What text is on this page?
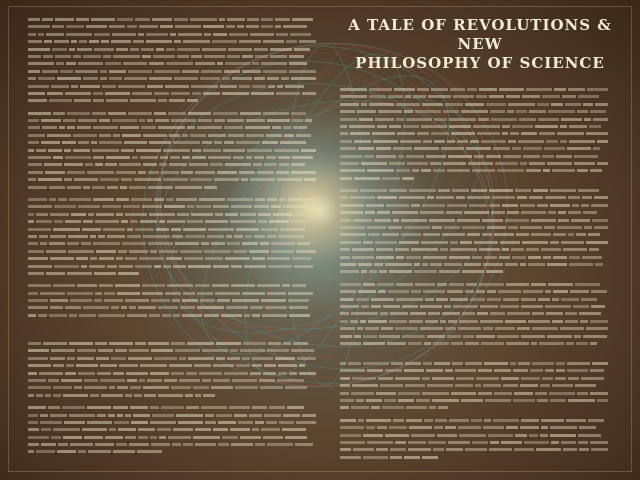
A TALE OF REVOLUTIONS & NEW
PHILOSOPHY OF SCIENCE
